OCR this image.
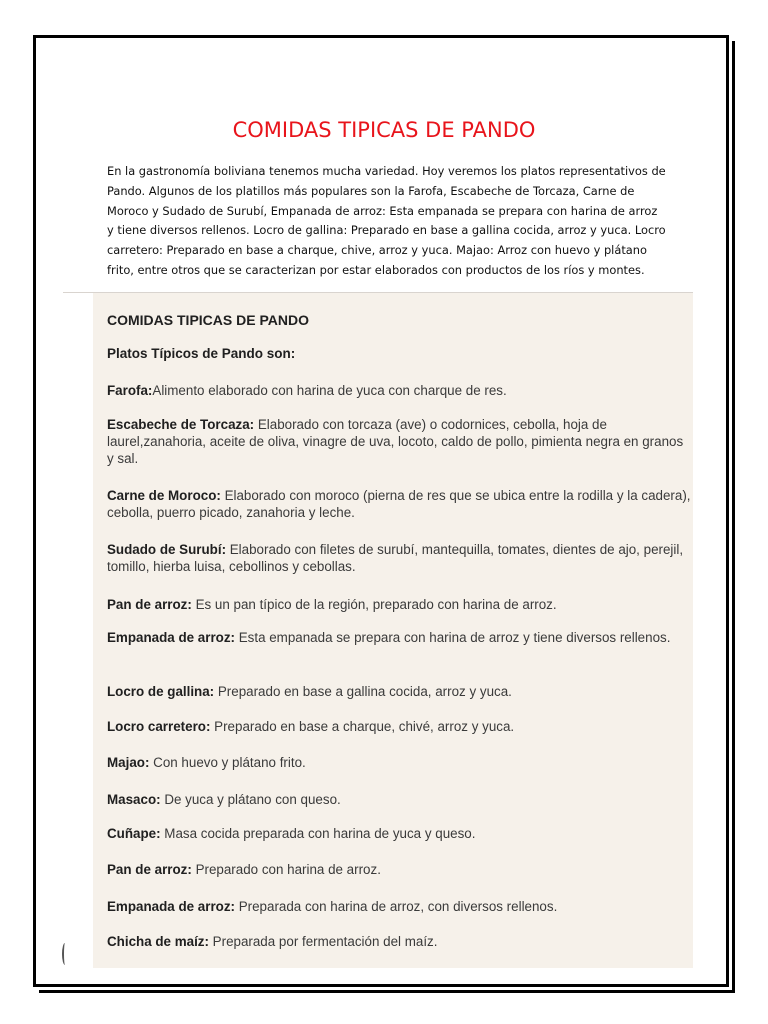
COMIDAS TIPICAS DE PANDO
En la gastronomía boliviana tenemos mucha variedad. Hoy veremos los platos representativos de Pando. Algunos de los platillos más populares son la Farofa, Escabeche de Torcaza, Carne de Moroco y Sudado de Surubí, Empanada de arroz: Esta empanada se prepara con harina de arroz y tiene diversos rellenos. Locro de gallina: Preparado en base a gallina cocida, arroz y yuca. Locro carretero: Preparado en base a charque, chive, arroz y yuca. Majao: Arroz con huevo y plátano frito, entre otros que se caracterizan por estar elaborados con productos de los ríos y montes.
COMIDAS TIPICAS DE PANDO
Platos Típicos de Pando son:
Farofa:Alimento elaborado con harina de yuca con charque de res.
Escabeche de Torcaza: Elaborado con torcaza (ave) o codornices, cebolla, hoja de laurel,zanahoria, aceite de oliva, vinagre de uva, locoto, caldo de pollo, pimienta negra en granos y sal.
Carne de Moroco: Elaborado con moroco (pierna de res que se ubica entre la rodilla y la cadera), cebolla, puerro picado, zanahoria y leche.
Sudado de Surubí: Elaborado con filetes de surubí, mantequilla, tomates, dientes de ajo, perejil, tomillo, hierba luisa, cebollinos y cebollas.
Pan de arroz: Es un pan típico de la región, preparado con harina de arroz.
Empanada de arroz: Esta empanada se prepara con harina de arroz y tiene diversos rellenos.
Locro de gallina: Preparado en base a gallina cocida, arroz y yuca.
Locro carretero: Preparado en base a charque, chivé, arroz y yuca.
Majao: Con huevo y plátano frito.
Masaco: De yuca y plátano con queso.
Cuñape: Masa cocida preparada con harina de yuca y queso.
Pan de arroz: Preparado con harina de arroz.
Empanada de arroz: Preparada con harina de arroz, con diversos rellenos.
Chicha de maíz: Preparada por fermentación del maíz.
